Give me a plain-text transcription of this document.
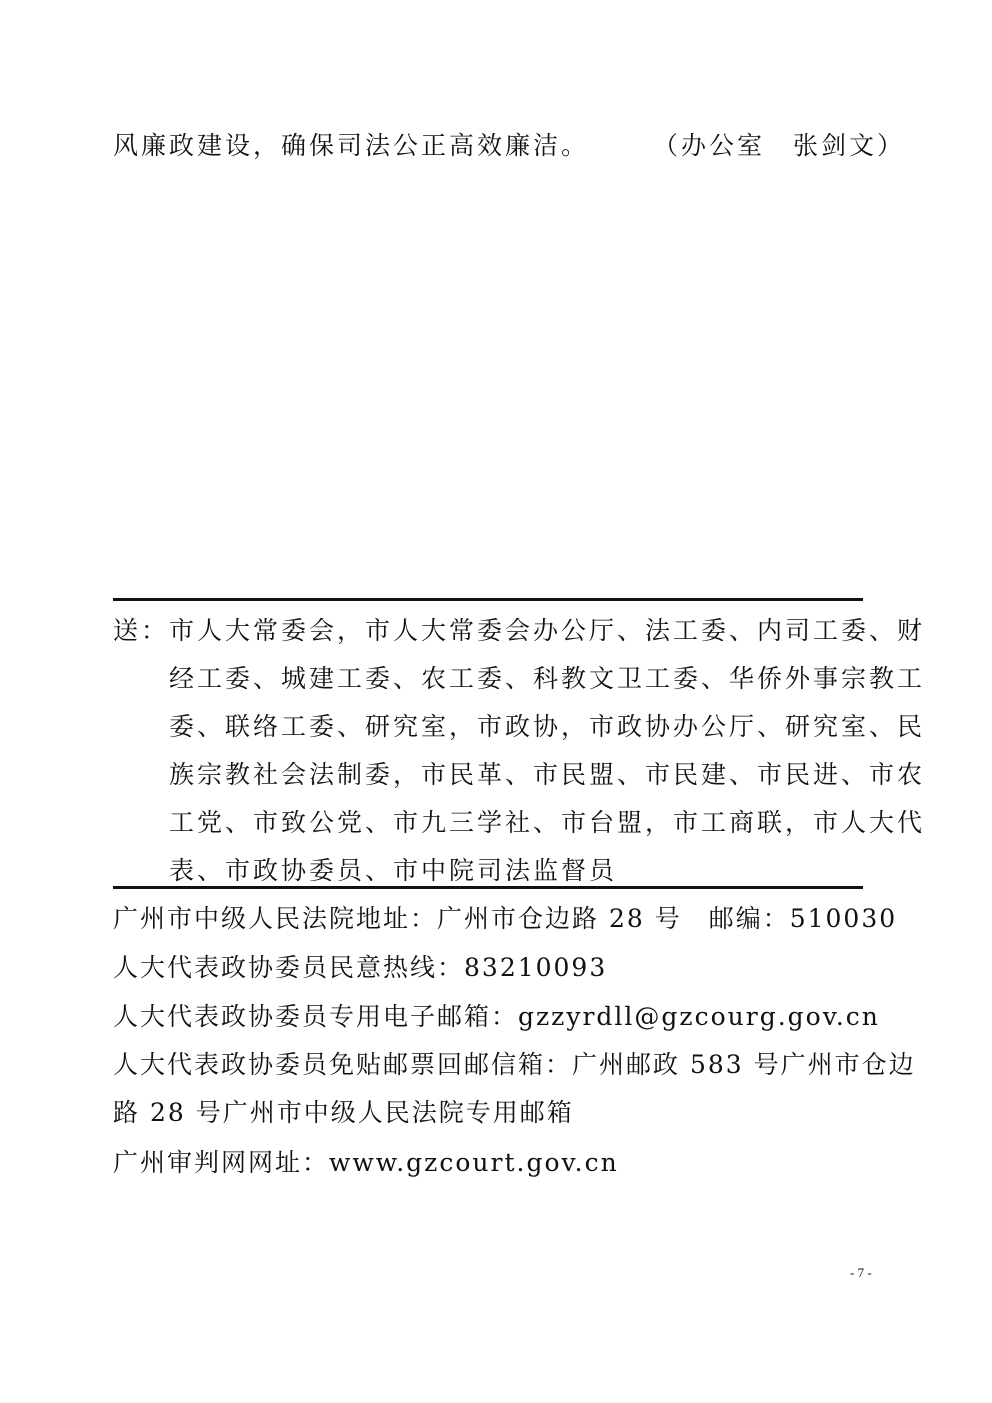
风廉政建设，确保司法公正高效廉洁。	（办公室　张剑文）
送： 市人大常委会，市人大常委会办公厅、法工委、内司工委、财
经工委、城建工委、农工委、科教文卫工委、华侨外事宗教工
委、联络工委、研究室，市政协，市政协办公厅、研究室、民
族宗教社会法制委，市民革、市民盟、市民建、市民进、市农
工党、市致公党、市九三学社、市台盟，市工商联，市人大代
表、市政协委员、市中院司法监督员
广州市中级人民法院地址：广州市仓边路 28 号　邮编：510030
人大代表政协委员民意热线：83210093
人大代表政协委员专用电子邮箱：gzzyrdll@gzcourg.gov.cn
人大代表政协委员免贴邮票回邮信箱：广州邮政 583 号广州市仓边
路 28 号广州市中级人民法院专用邮箱
广州审判网网址：www.gzcourt.gov.cn
- 7 -
